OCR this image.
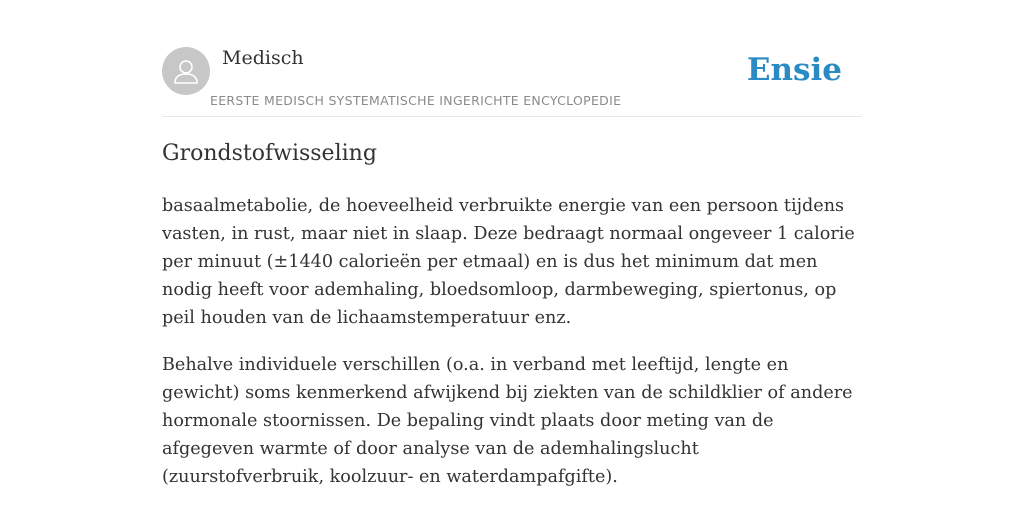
Medisch
EERSTE MEDISCH SYSTEMATISCHE INGERICHTE ENCYCLOPEDIE
Ensie
Grondstofwisseling

basaalmetabolie, de hoeveelheid verbruikte energie van een persoon tijdens vasten, in rust, maar niet in slaap. Deze bedraagt normaal ongeveer 1 calorie per minuut (±1440 calorieën per etmaal) en is dus het minimum dat men nodig heeft voor ademhaling, bloedsomloop, darmbeweging, spiertonus, op peil houden van de lichaamstemperatuur enz.

Behalve individuele verschillen (o.a. in verband met leeftijd, lengte en gewicht) soms kenmerkend afwijkend bij ziekten van de schildklier of andere hormonale stoornissen. De bepaling vindt plaats door meting van de afgegeven warmte of door analyse van de ademhalingslucht (zuurstofverbruik, koolzuur- en waterdampafgifte).
